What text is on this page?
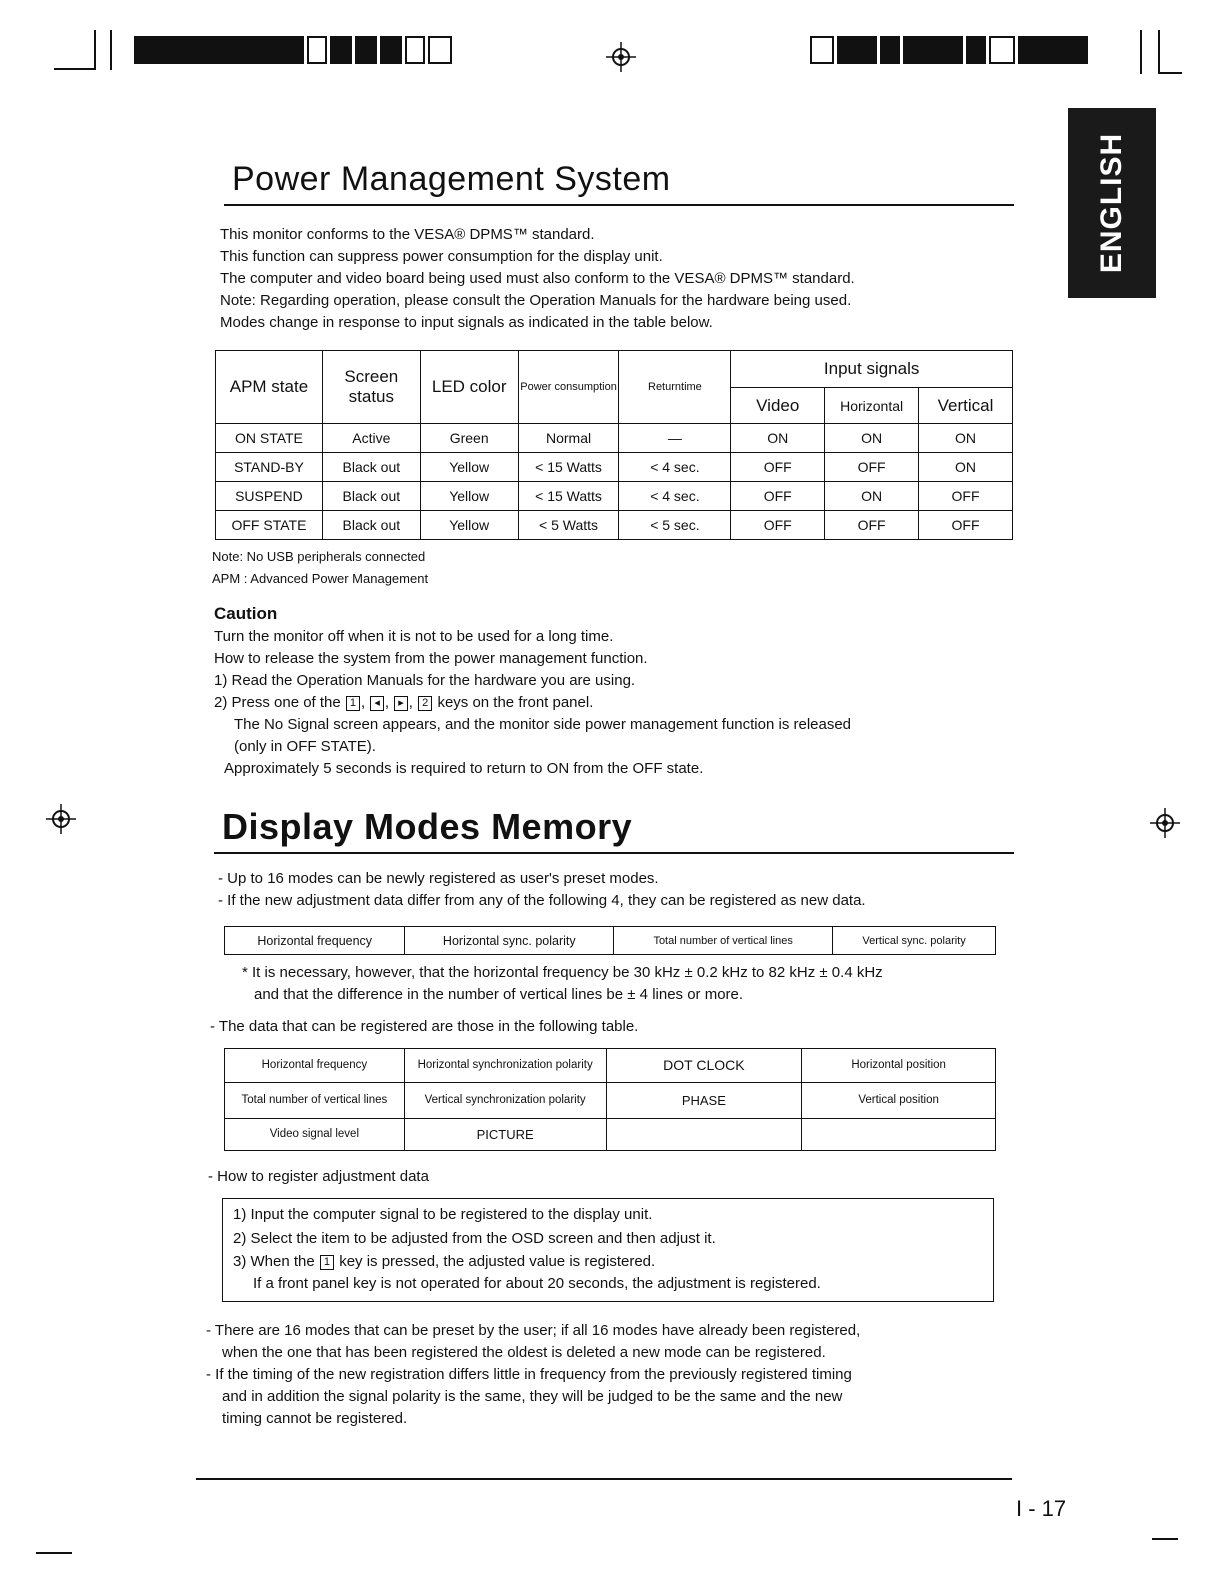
ENGLISH
Power Management System
This monitor conforms to the VESA® DPMS™ standard.
This function can suppress power consumption for the display unit.
The computer and video board being used must also conform to the VESA® DPMS™ standard.
Note: Regarding operation, please consult the Operation Manuals for the hardware being used.
Modes change in response to input signals as indicated in the table below.
APM state	Screen status	LED color	Power consumption	Returntime	Input signals		
					Video	Horizontal	Vertical
ON STATE	Active	Green	Normal	—	ON	ON	ON
STAND-BY	Black out	Yellow	< 15 Watts	< 4 sec.	OFF	OFF	ON
SUSPEND	Black out	Yellow	< 15 Watts	< 4 sec.	OFF	ON	OFF
OFF STATE	Black out	Yellow	< 5 Watts	< 5 sec.	OFF	OFF	OFF
Note: No USB peripherals connected
APM : Advanced Power Management
Caution
Turn the monitor off when it is not to be used for a long time.
How to release the system from the power management function.
1) Read the Operation Manuals for the hardware you are using.
2) Press one of the 1 , ◂ , ▸ , 2 keys on the front panel.
The No Signal screen appears, and the monitor side power management function is released
(only in OFF STATE).
Approximately 5 seconds is required to return to ON from the OFF state.
Display Modes Memory
- Up to 16 modes can be newly registered as user's preset modes.
- If the new adjustment data differ from any of the following 4, they can be registered as new data.
Horizontal frequency	Horizontal sync. polarity	Total number of vertical lines	Vertical sync. polarity
* It is necessary, however, that the horizontal frequency be 30 kHz ± 0.2 kHz to 82 kHz ± 0.4 kHz
and that the difference in the number of vertical lines be ± 4 lines or more.
- The data that can be registered are those in the following table.
Horizontal frequency	Horizontal synchronization polarity	DOT CLOCK	Horizontal position
Total number of vertical lines	Vertical synchronization polarity	PHASE	Vertical position
Video signal level	PICTURE		
- How to register adjustment data
1) Input the computer signal to be registered to the display unit.
2) Select the item to be adjusted from the OSD screen and then adjust it.
3) When the 1 key is pressed, the adjusted value is registered.
If a front panel key is not operated for about 20 seconds, the adjustment is registered.
- There are 16 modes that can be preset by the user; if all 16 modes have already been registered,
when the one that has been registered the oldest is deleted a new mode can be registered.
- If the timing of the new registration differs little in frequency from the previously registered timing
and in addition the signal polarity is the same, they will be judged to be the same and the new
timing cannot be registered.
I - 17
